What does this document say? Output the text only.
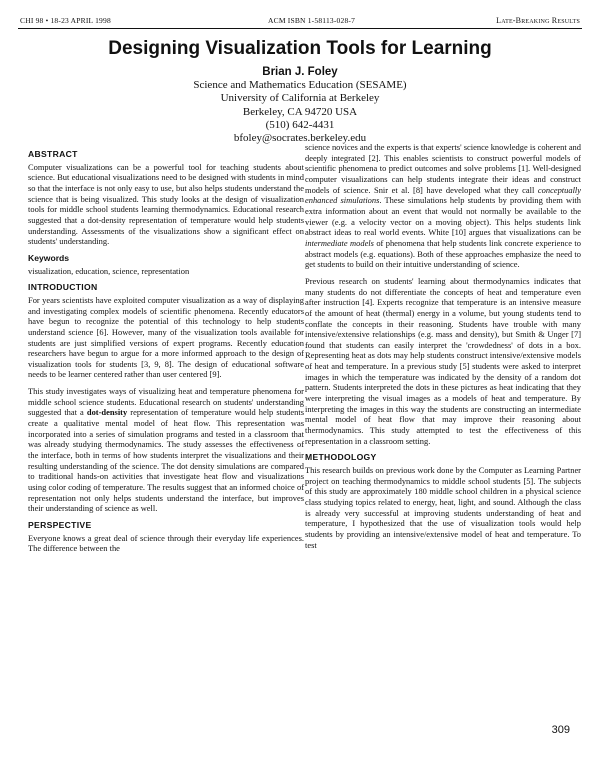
CHI 98 • 18-23 APRIL 1998	ACM ISBN 1-58113-028-7	Late-Breaking Results
Designing Visualization Tools for Learning
Brian J. Foley
Science and Mathematics Education (SESAME)
University of California at Berkeley
Berkeley, CA 94720 USA
(510) 642-4431
bfoley@socrates.berkeley.edu
ABSTRACT

Computer visualizations can be a powerful tool for teaching students about science. But educational visualizations need to be designed with students in mind so that the interface is not only easy to use, but also helps students understand the science that is being visualized. This study looks at the design of visualization tools for middle school students learning thermodynamics. Educational research suggested that a dot-density representation of temperature would help students understanding. Assessments of the visualizations show a significant effect on students' understanding.

Keywords

visualization, education, science, representation

INTRODUCTION

For years scientists have exploited computer visualization as a way of displaying and investigating complex models of scientific phenomena. Recently educators have begun to recognize the potential of this technology to help students understand science [6]. However, many of the visualization tools available for students are just simplified versions of expert programs. Recently education researchers have begun to argue for a more informed approach to the design of visualization tools for students [3, 9, 8]. The design of educational software needs to be learner centered rather than user centered [9].

This study investigates ways of visualizing heat and temperature phenomena for middle school science students. Educational research on students' understanding suggested that a dot-density representation of temperature would help students create a qualitative mental model of heat flow. This representation was incorporated into a series of simulation programs and tested in a classroom that was already studying thermodynamics. The study assesses the effectiveness of the interface, both in terms of how students interpret the visualizations and their resulting understanding of the science. The dot density simulations are compared to traditional hands-on activities that investigate heat flow and visualizations using color coding of temperature. The results suggest that an informed choice of representation not only helps students understand the interface, but improves their understanding of science as well.

PERSPECTIVE

Everyone knows a great deal of science through their everyday life experiences. The difference between the

science novices and the experts is that experts' science knowledge is coherent and deeply integrated [2]. This enables scientists to construct powerful models of scientific phenomena to predict outcomes and solve problems [1]. Well-designed computer visualizations can help students integrate their ideas and construct models of science. Snir et al. [8] have developed what they call conceptually enhanced simulations. These simulations help students by providing them with extra information about an event that would not normally be available to the viewer (e.g. a velocity vector on a moving object). This helps students link abstract ideas to real world events. White [10] argues that visualizations can be intermediate models of phenomena that help students link concrete experience to abstract models (e.g. equations). Both of these approaches emphasize the need to get students to build on their intuitive understanding of science.

Previous research on students' learning about thermodynamics indicates that many students do not differentiate the concepts of heat and temperature even after instruction [4]. Experts recognize that temperature is an intensive measure of the amount of heat (thermal) energy in a volume, but young students tend to conflate the concepts in their reasoning. Students have trouble with many intensive/extensive relationships (e.g. mass and density), but Smith & Unger [7] found that students can easily interpret the 'crowdedness' of dots in a box. Representing heat as dots may help students construct intensive/extensive models of heat and temperature. In a previous study [5] students were asked to interpret images in which the temperature was indicated by the density of a random dot pattern. Students interpreted the dots in these pictures as heat indicating that they were interpreting the visual images as a models of heat and temperature. By interpreting the images in this way the students are constructing an intermediate mental model of heat flow that may improve their reasoning about thermodynamics. This study attempted to test the effectiveness of this representation in a classroom setting.

METHODOLOGY

This research builds on previous work done by the Computer as Learning Partner project on teaching thermodynamics to middle school students [5]. The subjects of this study are approximately 180 middle school children in a physical science class studying topics related to energy, heat, light, and sound. Although the class is already very successful at improving students understanding of heat and temperature, I hypothesized that the use of visualization tools would help students by providing an intensive/extensive model of heat and temperature. To test

309
